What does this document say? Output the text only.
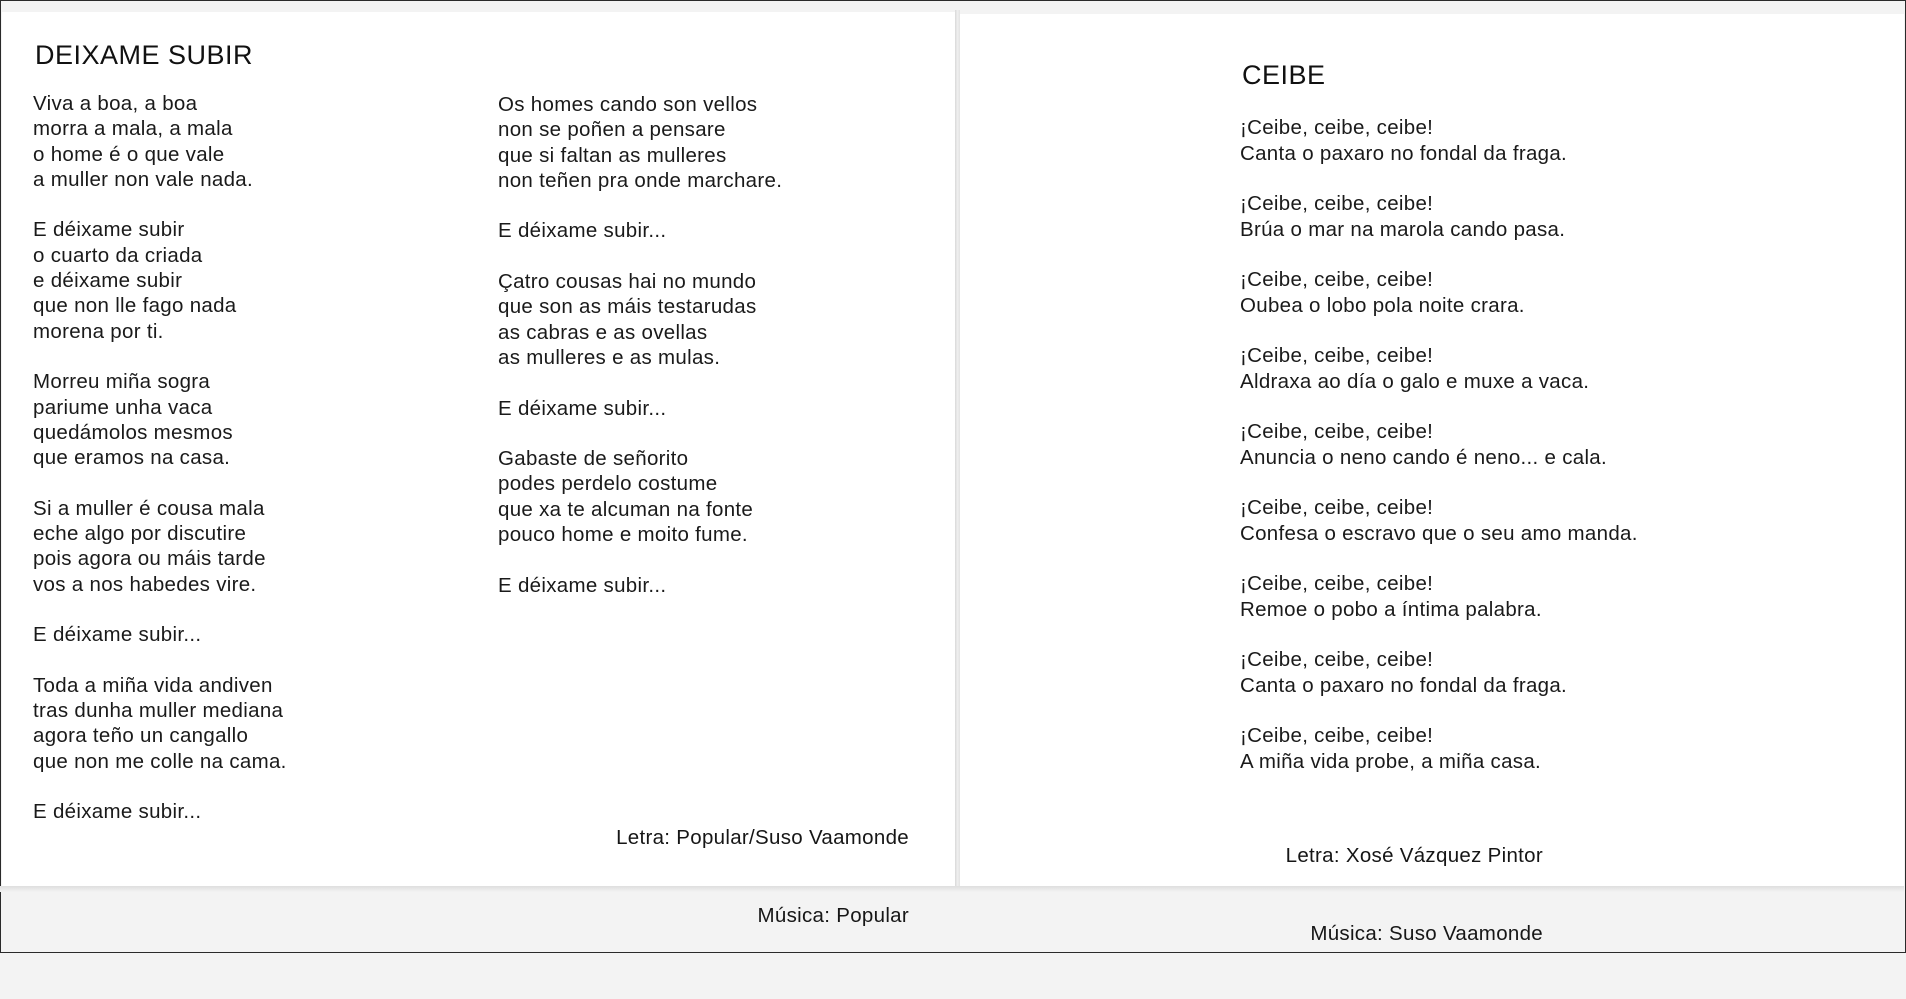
DEIXAME SUBIR
Viva a boa, a boa
morra a mala, a mala
o home é o que vale
a muller non vale nada.
E déixame subir
o cuarto da criada
e déixame subir
que non lle fago nada
morena por ti.
Morreu miña sogra
pariume unha vaca
quedámolos mesmos
que eramos na casa.
Si a muller é cousa mala
eche algo por discutire
pois agora ou máis tarde
vos a nos habedes vire.
E déixame subir...
Toda a miña vida andiven
tras dunha muller mediana
agora teño un cangallo
que non me colle na cama.
E déixame subir...
Os homes cando son vellos
non se poñen a pensare
que si faltan as mulleres
non teñen pra onde marchare.
E déixame subir...
Çatro cousas hai no mundo
que son as máis testarudas
as cabras e as ovellas
as mulleres e as mulas.
E déixame subir...
Gabaste de señorito
podes perdelo costume
que xa te alcuman na fonte
pouco home e moito fume.
E déixame subir...

Letra: Popular/Suso Vaamonde

Música: Popular

CEIBE
¡Ceibe, ceibe, ceibe!
Canta o paxaro no fondal da fraga.
¡Ceibe, ceibe, ceibe!
Brúa o mar na marola cando pasa.
¡Ceibe, ceibe, ceibe!
Oubea o lobo pola noite crara.
¡Ceibe, ceibe, ceibe!
Aldraxa ao día o galo e muxe a vaca.
¡Ceibe, ceibe, ceibe!
Anuncia o neno cando é neno... e cala.
¡Ceibe, ceibe, ceibe!
Confesa o escravo que o seu amo manda.
¡Ceibe, ceibe, ceibe!
Remoe o pobo a íntima palabra.
¡Ceibe, ceibe, ceibe!
Canta o paxaro no fondal da fraga.
¡Ceibe, ceibe, ceibe!
A miña vida probe, a miña casa.

Letra: Xosé Vázquez Pintor

Música: Suso Vaamonde
